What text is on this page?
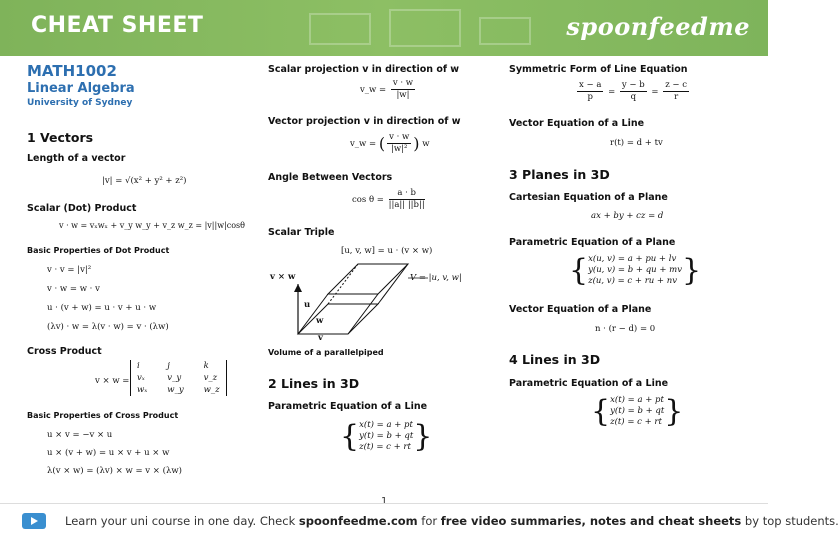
CHEAT SHEET	spoonfeedme
MATH1002
Linear Algebra
University of Sydney
1 Vectors
Length of a vector
|v| = √(x² + y² + z²)
Scalar (Dot) Product
v · w = vₓwₓ + v_y w_y + v_z w_z = |v||w|cosθ
Basic Properties of Dot Product
v · v = |v|²
v · w = w · v
u · (v + w) = u · v + u · w
(λv) · w = λ(v · w) = v · (λw)
Cross Product
v × w =
i	j	k
vₓ	v_y	v_z
wₓ	w_y	w_z
Basic Properties of Cross Product
u × v = −v × u
u × (v + w) = u × v + u × w
λ(v × w) = (λv) × w = v × (λw)
Scalar projection v in direction of w
v_w = $\frac{v \cdot w}{|w|}$
Vector projection v in direction of w
v_w = ( $\frac{v \cdot w}{\text{|w|²}}$ ) w
Angle Between Vectors
$\cos \theta = \frac{a \cdot b}{||a|| ||b||}$
Scalar Triple
[u, v, w] = u · (v × w)
v × w	V = |u, v, w|
u
w
v
Volume of a parallelpiped
2 Lines in 3D
Parametric Equation of a Line
{ x(t) = a + pt
y(t) = b + qt
z(t) = c + rt }
Symmetric Form of Line Equation
$\frac{x - a}{p} = \frac{y - b}{q} = \frac{z - c}{r}$
Vector Equation of a Line
r(t) = d + tv
3 Planes in 3D
Cartesian Equation of a Plane
ax + by + cz = d
Parametric Equation of a Plane
{ x(u, v) = a + pu + lv
y(u, v) = b + qu + mv
z(u, v) = c + ru + nv }
Vector Equation of a Plane
n · (r − d) = 0
4 Lines in 3D
Parametric Equation of a Line
{ x(t) = a + pt
y(t) = b + qt
z(t) = c + rt }
1
Learn your uni course in one day. Check spoonfeedme.com for free video summaries, notes and cheat sheets by top students.
